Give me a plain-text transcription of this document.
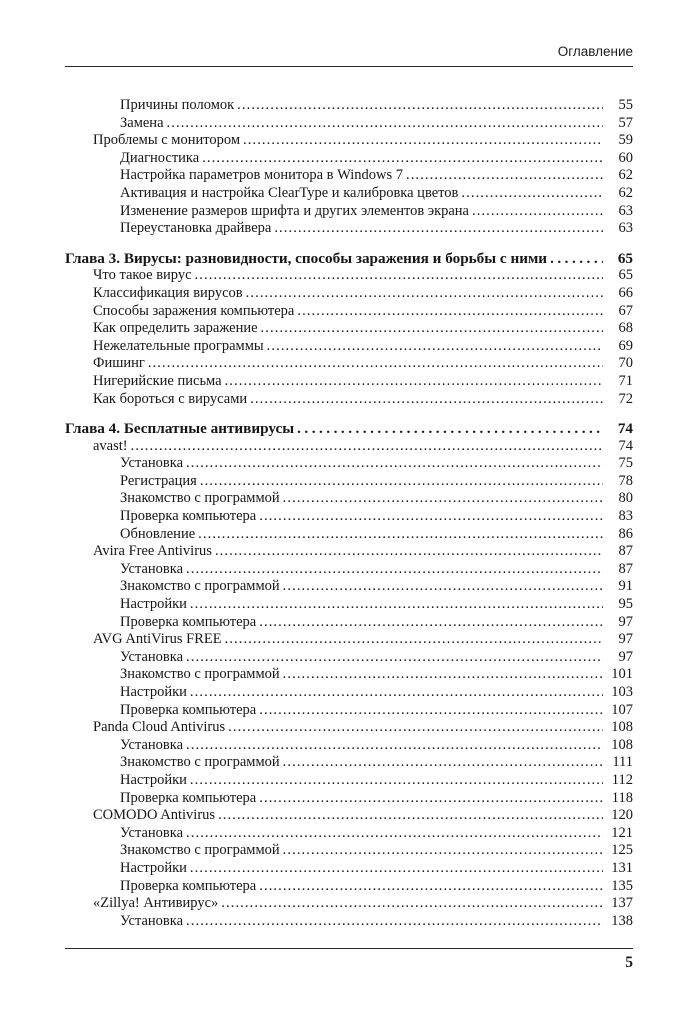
Оглавление
Причины поломок .....	55
Замена .....	57
Проблемы с монитором .....	59
Диагностика .....	60
Настройка параметров монитора в Windows 7 .....	62
Активация и настройка ClearType и калибровка цветов .....	62
Изменение размеров шрифта и других элементов экрана .....	63
Переустановка драйвера .....	63
Глава 3. Вирусы: разновидности, способы заражения и борьбы с ними .....	65
Что такое вирус .....	65
Классификация вирусов .....	66
Способы заражения компьютера .....	67
Как определить заражение .....	68
Нежелательные программы .....	69
Фишинг .....	70
Нигерийские письма .....	71
Как бороться с вирусами .....	72
Глава 4. Бесплатные антивирусы .....	74
avast! .....	74
Установка .....	75
Регистрация .....	78
Знакомство с программой .....	80
Проверка компьютера .....	83
Обновление .....	86
Avira Free Antivirus .....	87
Установка .....	87
Знакомство с программой .....	91
Настройки .....	95
Проверка компьютера .....	97
AVG AntiVirus FREE .....	97
Установка .....	97
Знакомство с программой .....	101
Настройки .....	103
Проверка компьютера .....	107
Panda Cloud Antivirus .....	108
Установка .....	108
Знакомство с программой .....	111
Настройки .....	112
Проверка компьютера .....	118
COMODO Antivirus .....	120
Установка .....	121
Знакомство с программой .....	125
Настройки .....	131
Проверка компьютера .....	135
«Zillya! Антивирус» .....	137
Установка .....	138
5
